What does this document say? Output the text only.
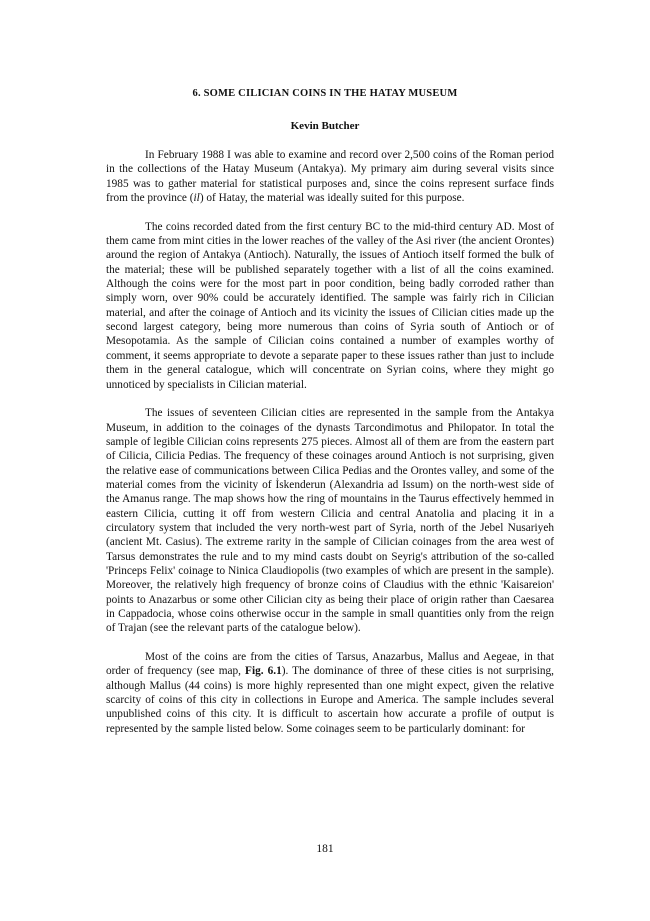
6. SOME CILICIAN COINS IN THE HATAY MUSEUM
Kevin Butcher

In February 1988 I was able to examine and record over 2,500 coins of the Roman period in the collections of the Hatay Museum (Antakya). My primary aim during several visits since 1985 was to gather material for statistical purposes and, since the coins represent surface finds from the province (il) of Hatay, the material was ideally suited for this purpose.

The coins recorded dated from the first century BC to the mid-third century AD. Most of them came from mint cities in the lower reaches of the valley of the Asi river (the ancient Orontes) around the region of Antakya (Antioch). Naturally, the issues of Antioch itself formed the bulk of the material; these will be published separately together with a list of all the coins examined. Although the coins were for the most part in poor condition, being badly corroded rather than simply worn, over 90% could be accurately identified. The sample was fairly rich in Cilician material, and after the coinage of Antioch and its vicinity the issues of Cilician cities made up the second largest category, being more numerous than coins of Syria south of Antioch or of Mesopotamia. As the sample of Cilician coins contained a number of examples worthy of comment, it seems appropriate to devote a separate paper to these issues rather than just to include them in the general catalogue, which will concentrate on Syrian coins, where they might go unnoticed by specialists in Cilician material.

The issues of seventeen Cilician cities are represented in the sample from the Antakya Museum, in addition to the coinages of the dynasts Tarcondimotus and Philopator. In total the sample of legible Cilician coins represents 275 pieces. Almost all of them are from the eastern part of Cilicia, Cilicia Pedias. The frequency of these coinages around Antioch is not surprising, given the relative ease of communications between Cilica Pedias and the Orontes valley, and some of the material comes from the vicinity of İskenderun (Alexandria ad Issum) on the north-west side of the Amanus range. The map shows how the ring of mountains in the Taurus effectively hemmed in eastern Cilicia, cutting it off from western Cilicia and central Anatolia and placing it in a circulatory system that included the very north-west part of Syria, north of the Jebel Nusariyeh (ancient Mt. Casius). The extreme rarity in the sample of Cilician coinages from the area west of Tarsus demonstrates the rule and to my mind casts doubt on Seyrig's attribution of the so-called 'Princeps Felix' coinage to Ninica Claudiopolis (two examples of which are present in the sample). Moreover, the relatively high frequency of bronze coins of Claudius with the ethnic 'Kaisareion' points to Anazarbus or some other Cilician city as being their place of origin rather than Caesarea in Cappadocia, whose coins otherwise occur in the sample in small quantities only from the reign of Trajan (see the relevant parts of the catalogue below).

Most of the coins are from the cities of Tarsus, Anazarbus, Mallus and Aegeae, in that order of frequency (see map, Fig. 6.1). The dominance of three of these cities is not surprising, although Mallus (44 coins) is more highly represented than one might expect, given the relative scarcity of coins of this city in collections in Europe and America. The sample includes several unpublished coins of this city. It is difficult to ascertain how accurate a profile of output is represented by the sample listed below. Some coinages seem to be particularly dominant: for

181
